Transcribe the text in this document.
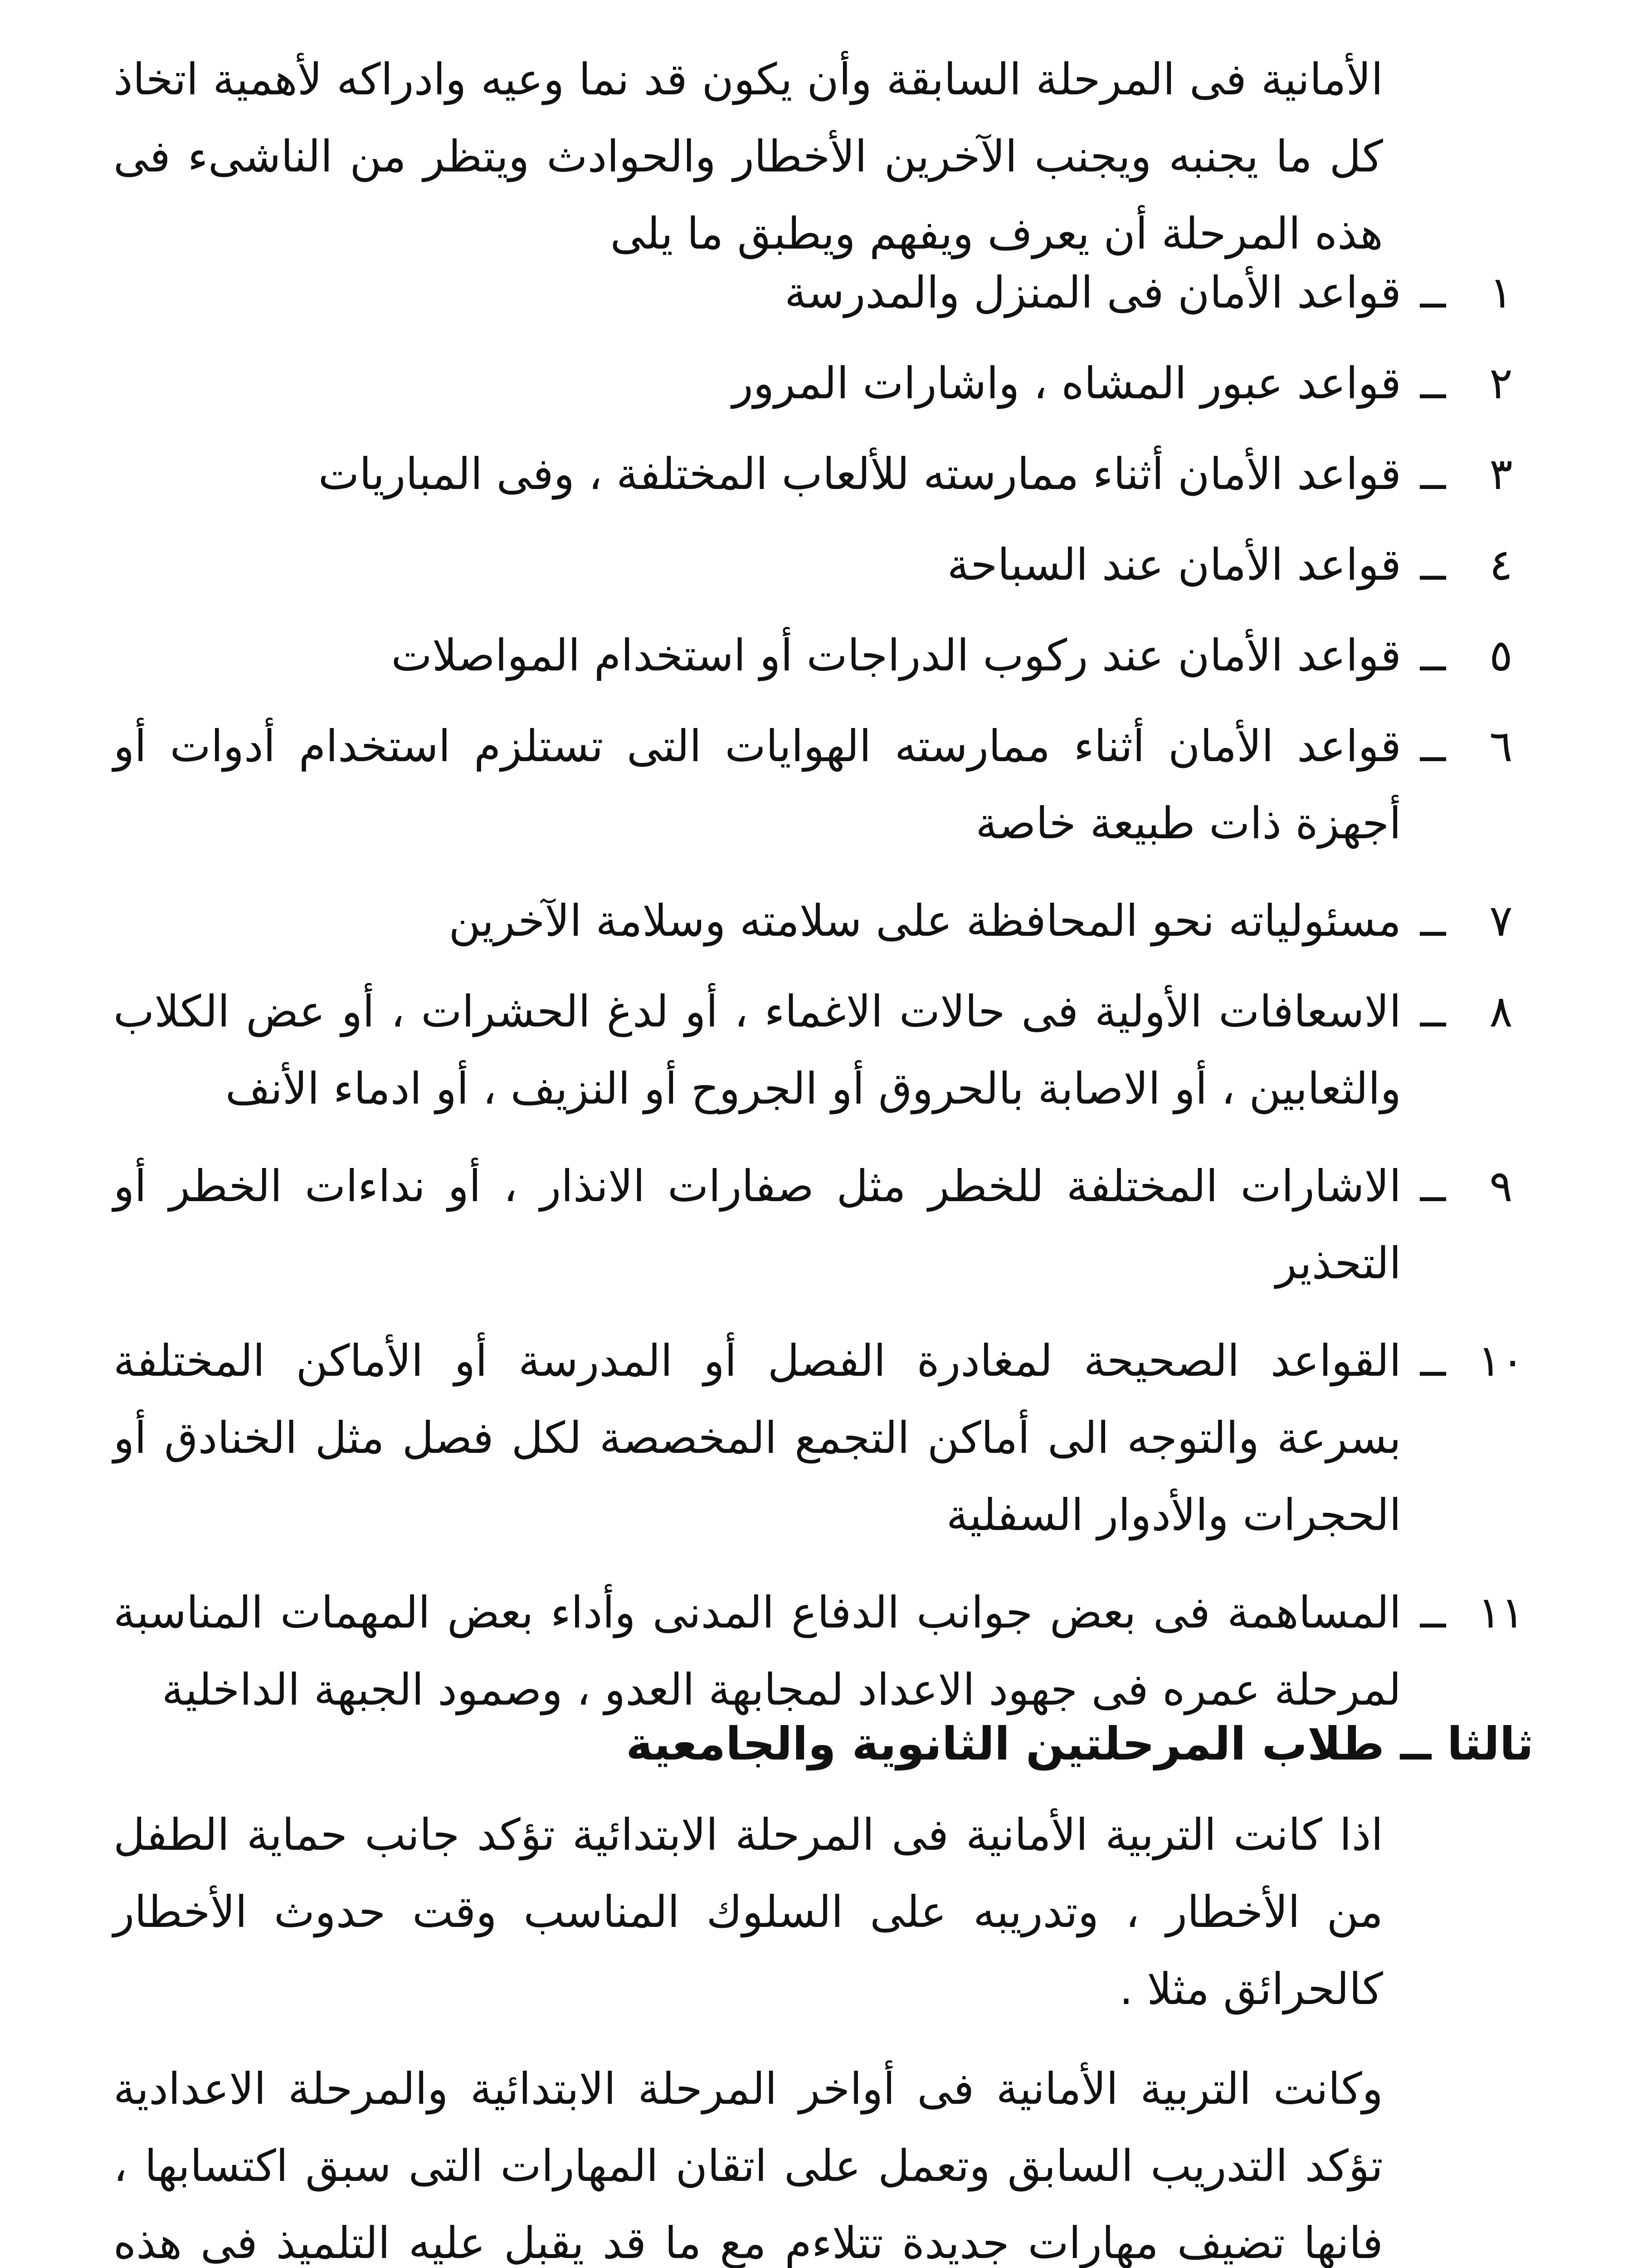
الأمانية فى المرحلة السابقة وأن يكون قد نما وعيه وادراكه لأهمية اتخاذ كل ما يجنبه ويجنب الآخرين الأخطار والحوادث ويتظر من الناشىء فى هذه المرحلة أن يعرف ويفهم ويطبق ما يلى

١
ــ
قواعد الأمان فى المنزل والمدرسة
٢
ــ
قواعد عبور المشاه ، واشارات المرور
٣
ــ
قواعد الأمان أثناء ممارسته للألعاب المختلفة ، وفى المباريات
٤
ــ
قواعد الأمان عند السباحة
٥
ــ
قواعد الأمان عند ركوب الدراجات أو استخدام المواصلات
٦
ــ
قواعد الأمان أثناء ممارسته الهوايات التى تستلزم استخدام أدوات أو أجهزة ذات طبيعة خاصة
٧
ــ
مسئولياته نحو المحافظة على سلامته وسلامة الآخرين
٨
ــ
الاسعافات الأولية فى حالات الاغماء ، أو لدغ الحشرات ، أو عض الكلاب والثعابين ، أو الاصابة بالحروق أو الجروح أو النزيف ، أو ادماء الأنف
٩
ــ
الاشارات المختلفة للخطر مثل صفارات الانذار ، أو نداءات الخطر أو التحذير
١٠
ــ
القواعد الصحيحة لمغادرة الفصل أو المدرسة أو الأماكن المختلفة بسرعة والتوجه الى أماكن التجمع المخصصة لكل فصل مثل الخنادق أو الحجرات والأدوار السفلية
١١
ــ
المساهمة فى بعض جوانب الدفاع المدنى وأداء بعض المهمات المناسبة لمرحلة عمره فى جهود الاعداد لمجابهة العدو ، وصمود الجبهة الداخلية
ثالثا ــ طلاب المرحلتين الثانوية والجامعية

اذا كانت التربية الأمانية فى المرحلة الابتدائية تؤكد جانب حماية الطفل من الأخطار ، وتدريبه على السلوك المناسب وقت حدوث الأخطار كالحرائق مثلا .

وكانت التربية الأمانية فى أواخر المرحلة الابتدائية والمرحلة الاعدادية تؤكد التدريب السابق وتعمل على اتقان المهارات التى سبق اكتسابها ، فانها تضيف مهارات جديدة تتلاءم مع ما قد يقبل عليه التلميذ فى هذه
